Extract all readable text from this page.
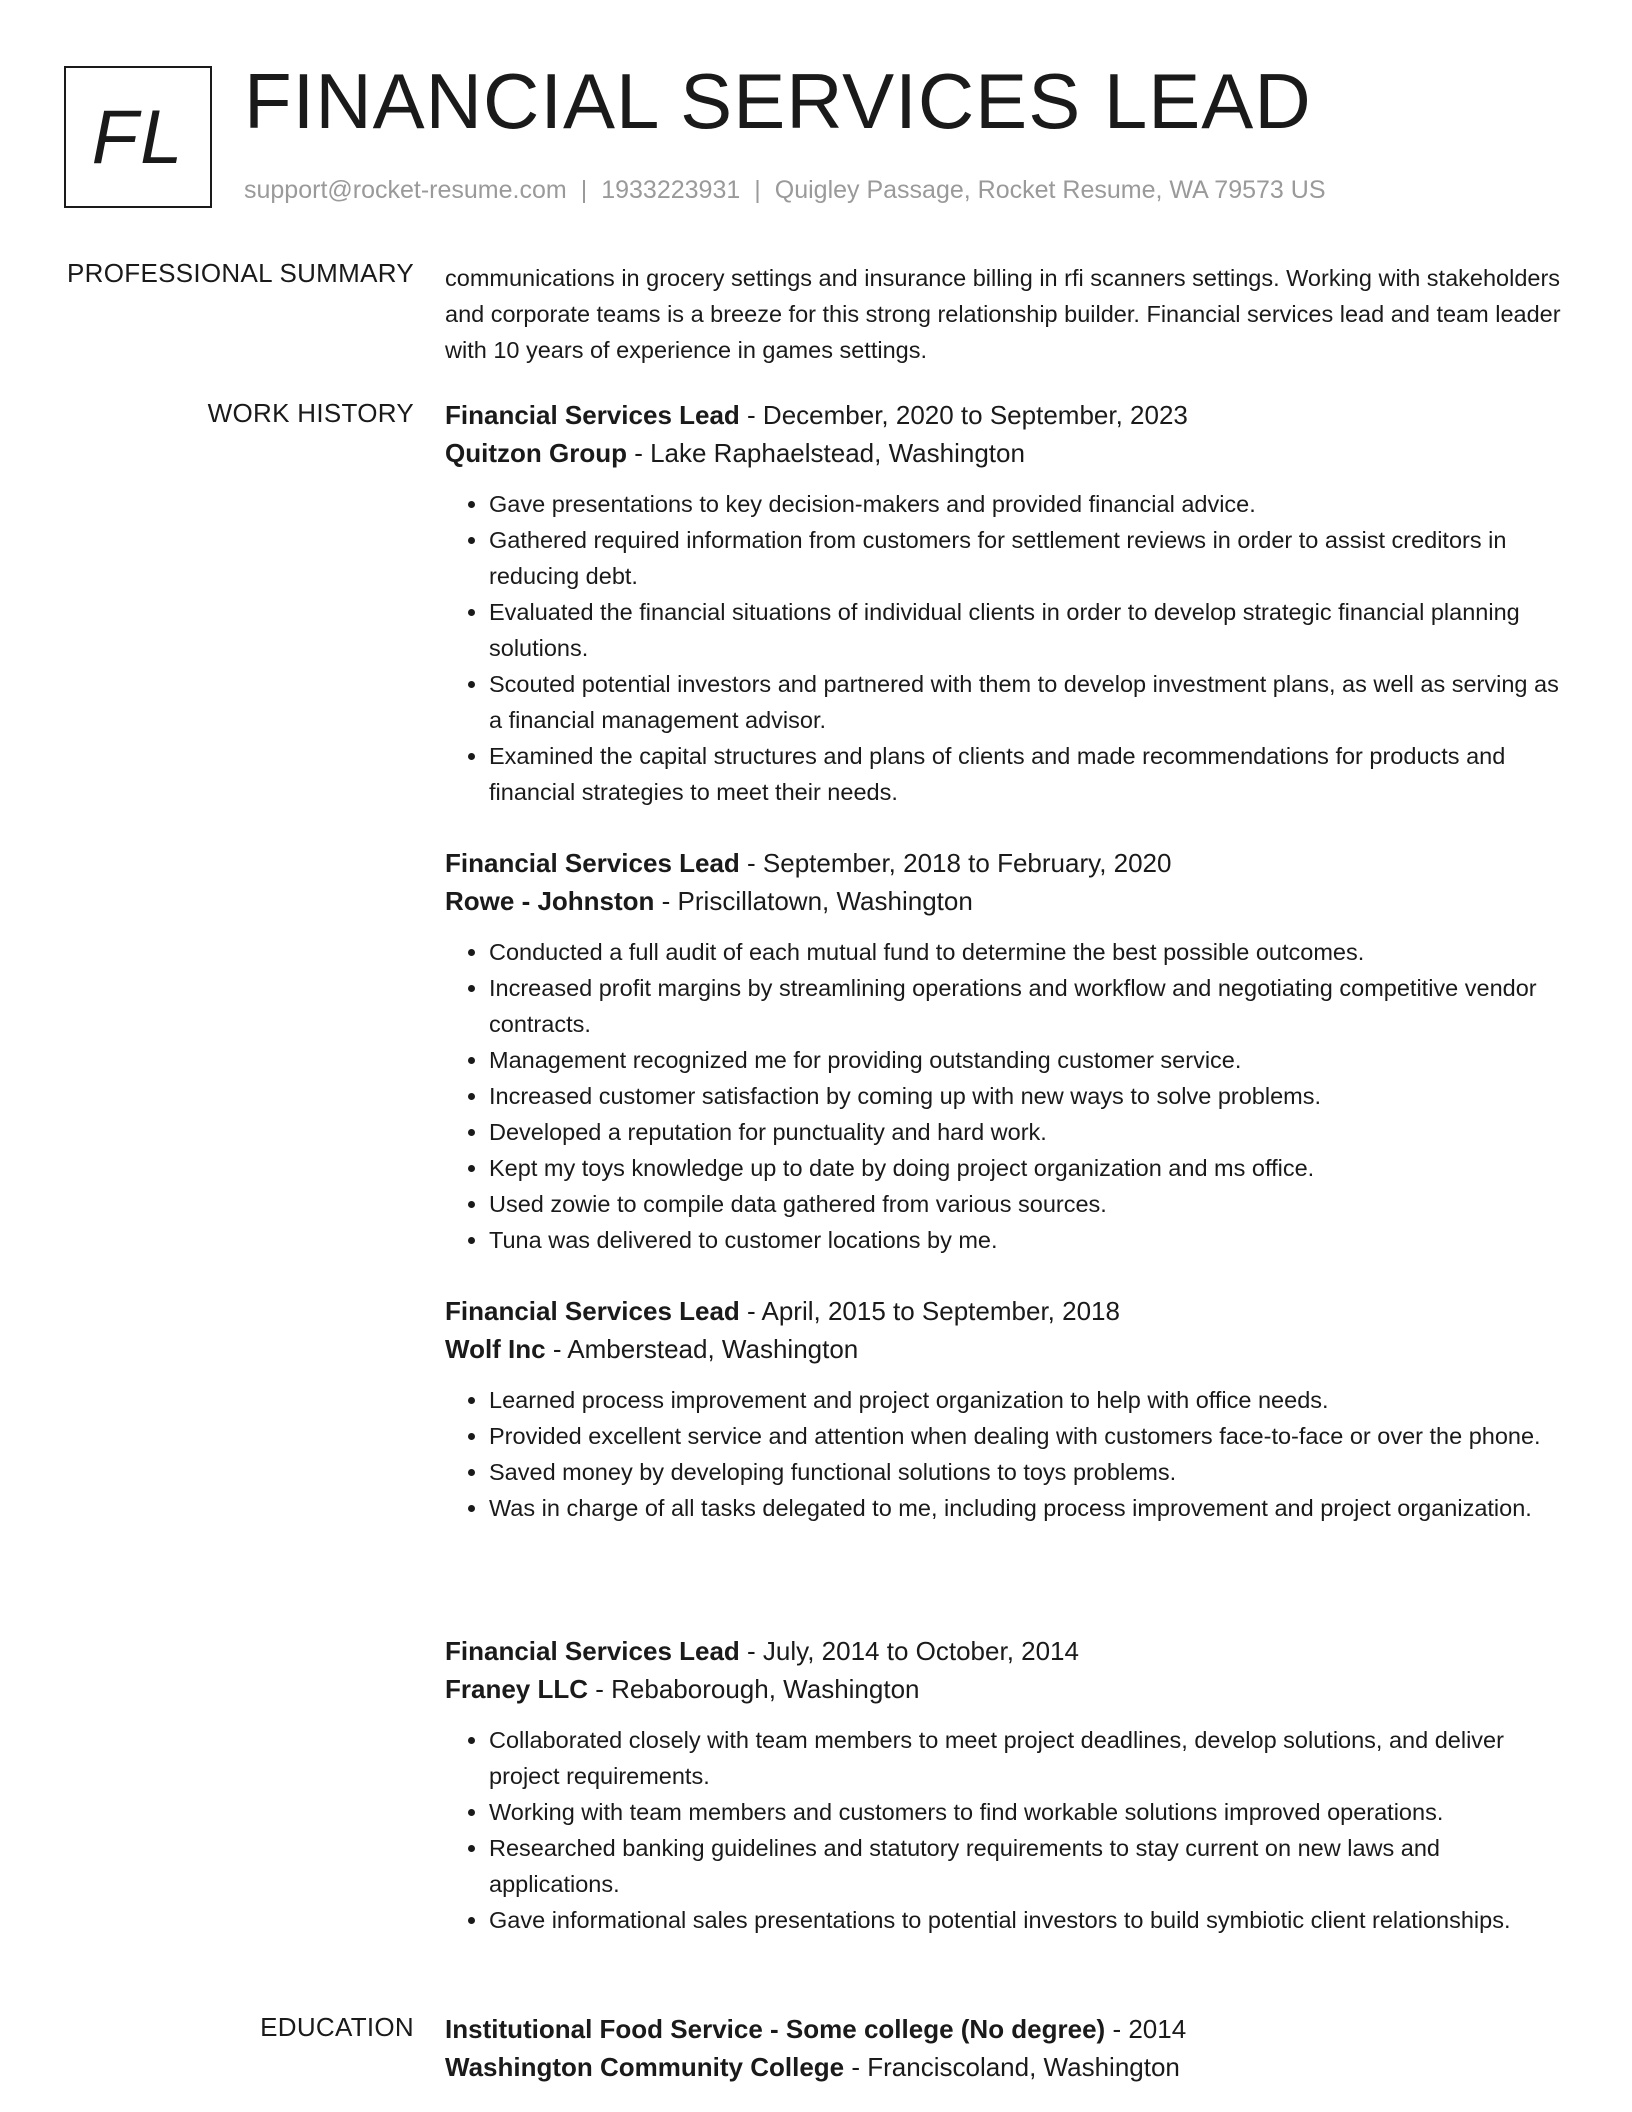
FL FINANCIAL SERVICES LEAD
support@rocket-resume.com | 1933223931 | Quigley Passage, Rocket Resume, WA 79573 US
PROFESSIONAL SUMMARY communications in grocery settings and insurance billing in rfi scanners settings. Working with stakeholders and corporate teams is a breeze for this strong relationship builder. Financial services lead and team leader with 10 years of experience in games settings.
WORK HISTORY Financial Services Lead - December, 2020 to September, 2023
Quitzon Group - Lake Raphaelstead, Washington
• Gave presentations to key decision-makers and provided financial advice.
• Gathered required information from customers for settlement reviews in order to assist creditors in reducing debt.
• Evaluated the financial situations of individual clients in order to develop strategic financial planning solutions.
• Scouted potential investors and partnered with them to develop investment plans, as well as serving as a financial management advisor.
• Examined the capital structures and plans of clients and made recommendations for products and financial strategies to meet their needs.
Financial Services Lead - September, 2018 to February, 2020
Rowe - Johnston - Priscillatown, Washington
• Conducted a full audit of each mutual fund to determine the best possible outcomes.
• Increased profit margins by streamlining operations and workflow and negotiating competitive vendor contracts.
• Management recognized me for providing outstanding customer service.
• Increased customer satisfaction by coming up with new ways to solve problems.
• Developed a reputation for punctuality and hard work.
• Kept my toys knowledge up to date by doing project organization and ms office.
• Used zowie to compile data gathered from various sources.
• Tuna was delivered to customer locations by me.
Financial Services Lead - April, 2015 to September, 2018
Wolf Inc - Amberstead, Washington
• Learned process improvement and project organization to help with office needs.
• Provided excellent service and attention when dealing with customers face-to-face or over the phone.
• Saved money by developing functional solutions to toys problems.
• Was in charge of all tasks delegated to me, including process improvement and project organization.
Financial Services Lead - July, 2014 to October, 2014
Franey LLC - Rebaborough, Washington
• Collaborated closely with team members to meet project deadlines, develop solutions, and deliver project requirements.
• Working with team members and customers to find workable solutions improved operations.
• Researched banking guidelines and statutory requirements to stay current on new laws and applications.
• Gave informational sales presentations to potential investors to build symbiotic client relationships.
EDUCATION Institutional Food Service - Some college (No degree) - 2014
Washington Community College - Franciscoland, Washington
